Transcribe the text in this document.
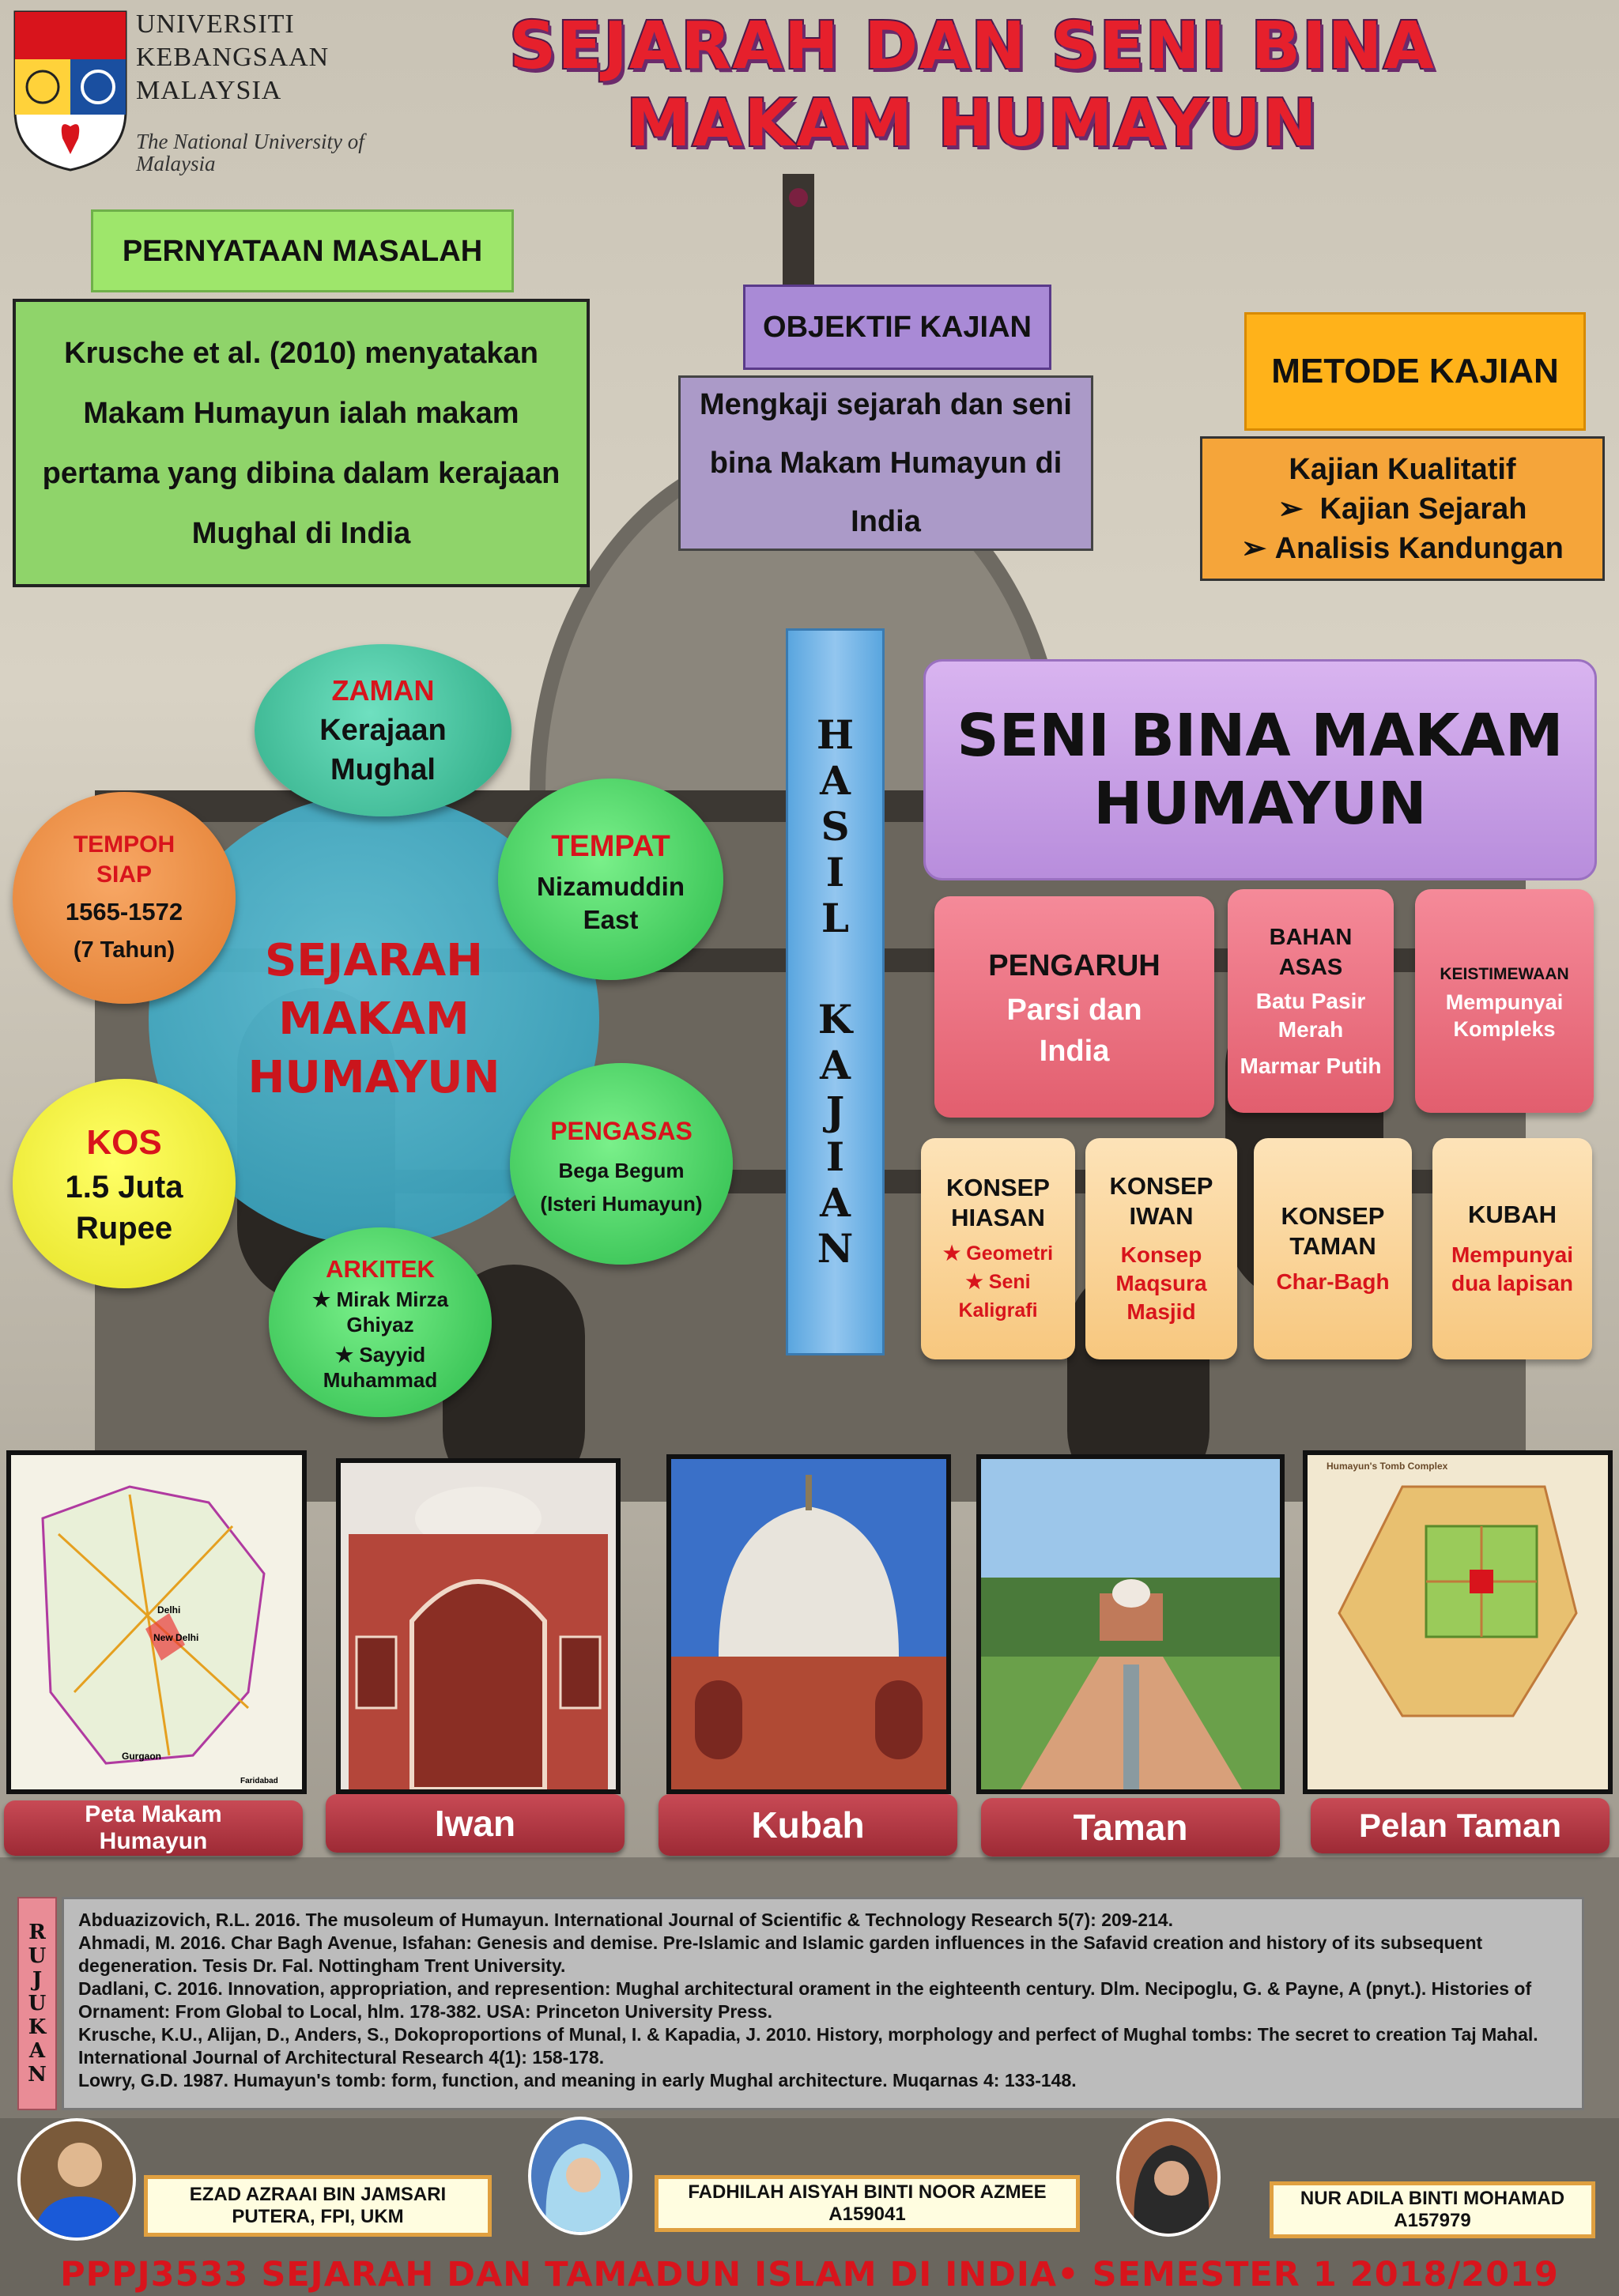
UNIVERSITI
KEBANGSAAN
MALAYSIA
The National University of Malaysia
SEJARAH DAN SENI BINA
MAKAM HUMAYUN
PERNYATAAN MASALAH
Krusche et al. (2010) menyatakan Makam Humayun ialah makam pertama yang dibina dalam kerajaan Mughal di India
OBJEKTIF KAJIAN
Mengkaji sejarah dan seni bina Makam Humayun di India
METODE KAJIAN
Kajian Kualitatif
➢ Kajian Sejarah
➢ Analisis Kandungan
SEJARAH MAKAM HUMAYUN
ZAMAN
Kerajaan Mughal
TEMPAT
Nizamuddin East
TEMPOH SIAP
1565-1572
(7 Tahun)
KOS
1.5 Juta Rupee
PENGASAS
Bega Begum
(Isteri Humayun)
ARKITEK
★ Mirak Mirza Ghiyaz
★ Sayyid Muhammad
H
A
S
I
L
K
A
J
I
A
N
SENI BINA MAKAM HUMAYUN
PENGARUH
Parsi dan India
BAHAN ASAS
Batu Pasir Merah
Marmar Putih
KEISTIMEWAAN
Mempunyai Kompleks
KONSEP HIASAN
★ Geometri
★ Seni Kaligrafi
KONSEP IWAN
Konsep Maqsura Masjid
KONSEP TAMAN
Char-Bagh
KUBAH
Mempunyai dua lapisan
Delhi
New Delhi
Gurgaon
Faridabad
Humayun's Tomb Complex
Peta Makam Humayun	Iwan	Kubah	Taman	Pelan Taman
R
U
J
U
K
A
N
Abduazizovich, R.L. 2016. The musoleum of Humayun. International Journal of Scientific & Technology Research 5(7): 209-214.
Ahmadi, M. 2016. Char Bagh Avenue, Isfahan: Genesis and demise. Pre-Islamic and Islamic garden influences in the Safavid creation and history of its subsequent degeneration. Tesis Dr. Fal. Nottingham Trent University.
Dadlani, C. 2016. Innovation, appropriation, and represention: Mughal architectural orament in the eighteenth century. Dlm. Necipoglu, G. & Payne, A (pnyt.). Histories of Ornament: From Global to Local, hlm. 178-382. USA: Princeton University Press.
Krusche, K.U., Alijan, D., Anders, S., Dokoproportions of Munal, I. & Kapadia, J. 2010. History, morphology and perfect of Mughal tombs: The secret to creation Taj Mahal. International Journal of Architectural Research 4(1): 158-178.
Lowry, G.D. 1987. Humayun's tomb: form, function, and meaning in early Mughal architecture. Muqarnas 4: 133-148.
EZAD AZRAAI BIN JAMSARI
PUTERA, FPI, UKM
FADHILAH AISYAH BINTI NOOR AZMEE
A159041
NUR ADILA BINTI MOHAMAD
A157979
PPPJ3533 SEJARAH DAN TAMADUN ISLAM DI INDIA• SEMESTER 1 2018/2019
